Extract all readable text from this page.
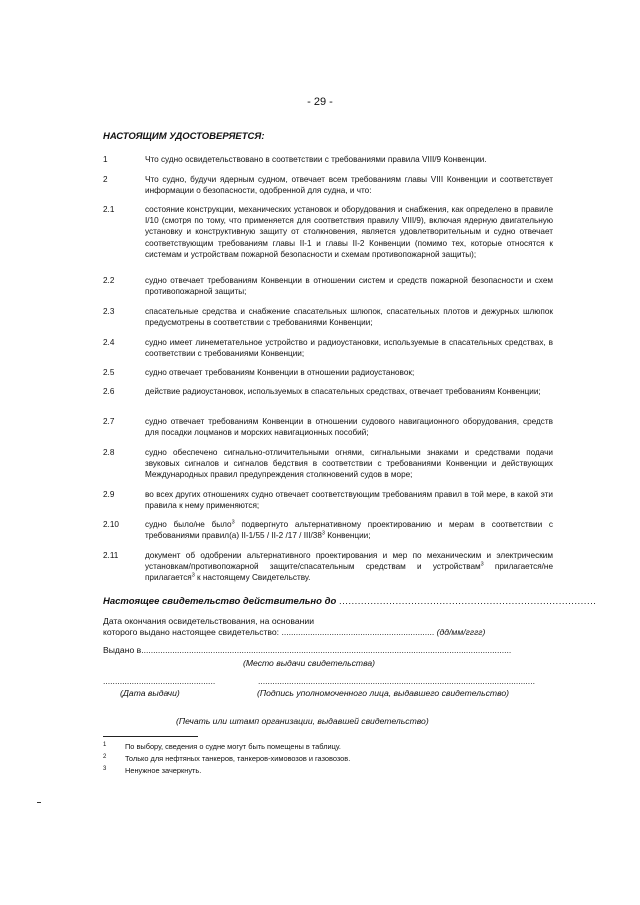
- 29 -
НАСТОЯЩИМ УДОСТОВЕРЯЕТСЯ:
1	Что судно освидетельствовано в соответствии с требованиями правила VIII/9 Конвенции.
2	Что судно, будучи ядерным судном, отвечает всем требованиям главы VIII Конвенции и соответствует информации о безопасности, одобренной для судна, и что:
2.1	состояние конструкции, механических установок и оборудования и снабжения, как определено в правиле I/10 (смотря по тому, что применяется для соответствия правилу VIII/9), включая ядерную двигательную установку и конструктивную защиту от столкновения, является удовлетворительным и судно отвечает соответствующим требованиям главы II-1 и главы II-2 Конвенции (помимо тех, которые относятся к системам и устройствам пожарной безопасности и схемам противопожарной защиты);
2.2	судно отвечает требованиям Конвенции в отношении систем и средств пожарной безопасности и схем противопожарной защиты;
2.3	спасательные средства и снабжение спасательных шлюпок, спасательных плотов и дежурных шлюпок предусмотрены в соответствии с требованиями Конвенции;
2.4	судно имеет линеметательное устройство и радиоустановки, используемые в спасательных средствах, в соответствии с требованиями Конвенции;
2.5	судно отвечает требованиям Конвенции в отношении радиоустановок;
2.6	действие радиоустановок, используемых в спасательных средствах, отвечает требованиям Конвенции;
2.7	судно отвечает требованиям Конвенции в отношении судового навигационного оборудования, средств для посадки лоцманов и морских навигационных пособий;
2.8	судно обеспечено сигнально-отличительными огнями, сигнальными знаками и средствами подачи звуковых сигналов и сигналов бедствия в соответствии с требованиями Конвенции и действующих Международных правил предупреждения столкновений судов в море;
2.9	во всех других отношениях судно отвечает соответствующим требованиям правил в той мере, в какой эти правила к нему применяются;
2.10	судно было/не было$^3$ подвергнуто альтернативному проектированию и мерам в соответствии с требованиями правил(а) II-1/55 / II-2 /17 / III/$38^3$ Конвенции;
2.11	документ об одобрении альтернативного проектирования и мер по механическим и электрическим установкам/противопожарной защите/спасательным средствам и устройствам$^3$ прилагается/не прилагается$^3$ к настоящему Свидетельству.
Настоящее свидетельство действительно до ..................................................................................
Дата окончания освидетельствования, на основании
которого выдано настоящее свидетельство: ................................................................ (дд/мм/гггг)
Выдано в...........................................................................................................................................................
(Место выдачи свидетельства)
...............................................	....................................................................................................................
(Дата выдачи)	(Подпись уполномоченного лица, выдавшего свидетельство)
(Печать или штамп организации, выдавшей свидетельство)
1	По выбору, сведения о судне могут быть помещены в таблицу.
2	Только для нефтяных танкеров, танкеров-химовозов и газовозов.
3	Ненужное зачеркнуть.
